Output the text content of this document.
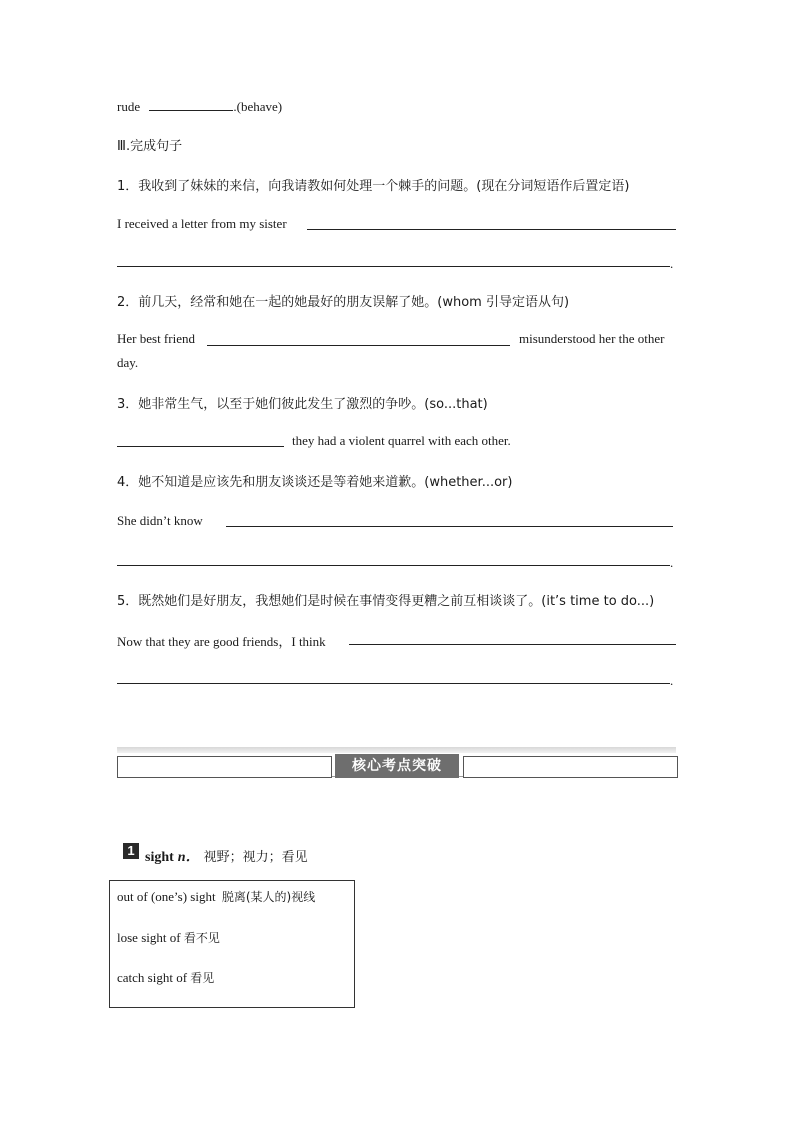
rude	.(behave)
Ⅲ.完成句子
1．我收到了妹妹的来信，向我请教如何处理一个棘手的问题。(现在分词短语作后置定语)
I received a letter from my sister
.
2．前几天，经常和她在一起的她最好的朋友误解了她。(whom 引导定语从句)
Her best friend	misunderstood her the other
day.
3．她非常生气，以至于她们彼此发生了激烈的争吵。(so...that)
they had a violent quarrel with each other.
4．她不知道是应该先和朋友谈谈还是等着她来道歉。(whether...or)
She didn’t know
.
5．既然她们是好朋友，我想她们是时候在事情变得更糟之前互相谈谈了。(it’s time to do...)
Now that they are good friends，I think
.
核心考点突破
1 sight n． 视野；视力；看见
out of (one’s) sight 脱离(某人的)视线
lose sight of 看不见
catch sight of 看见
